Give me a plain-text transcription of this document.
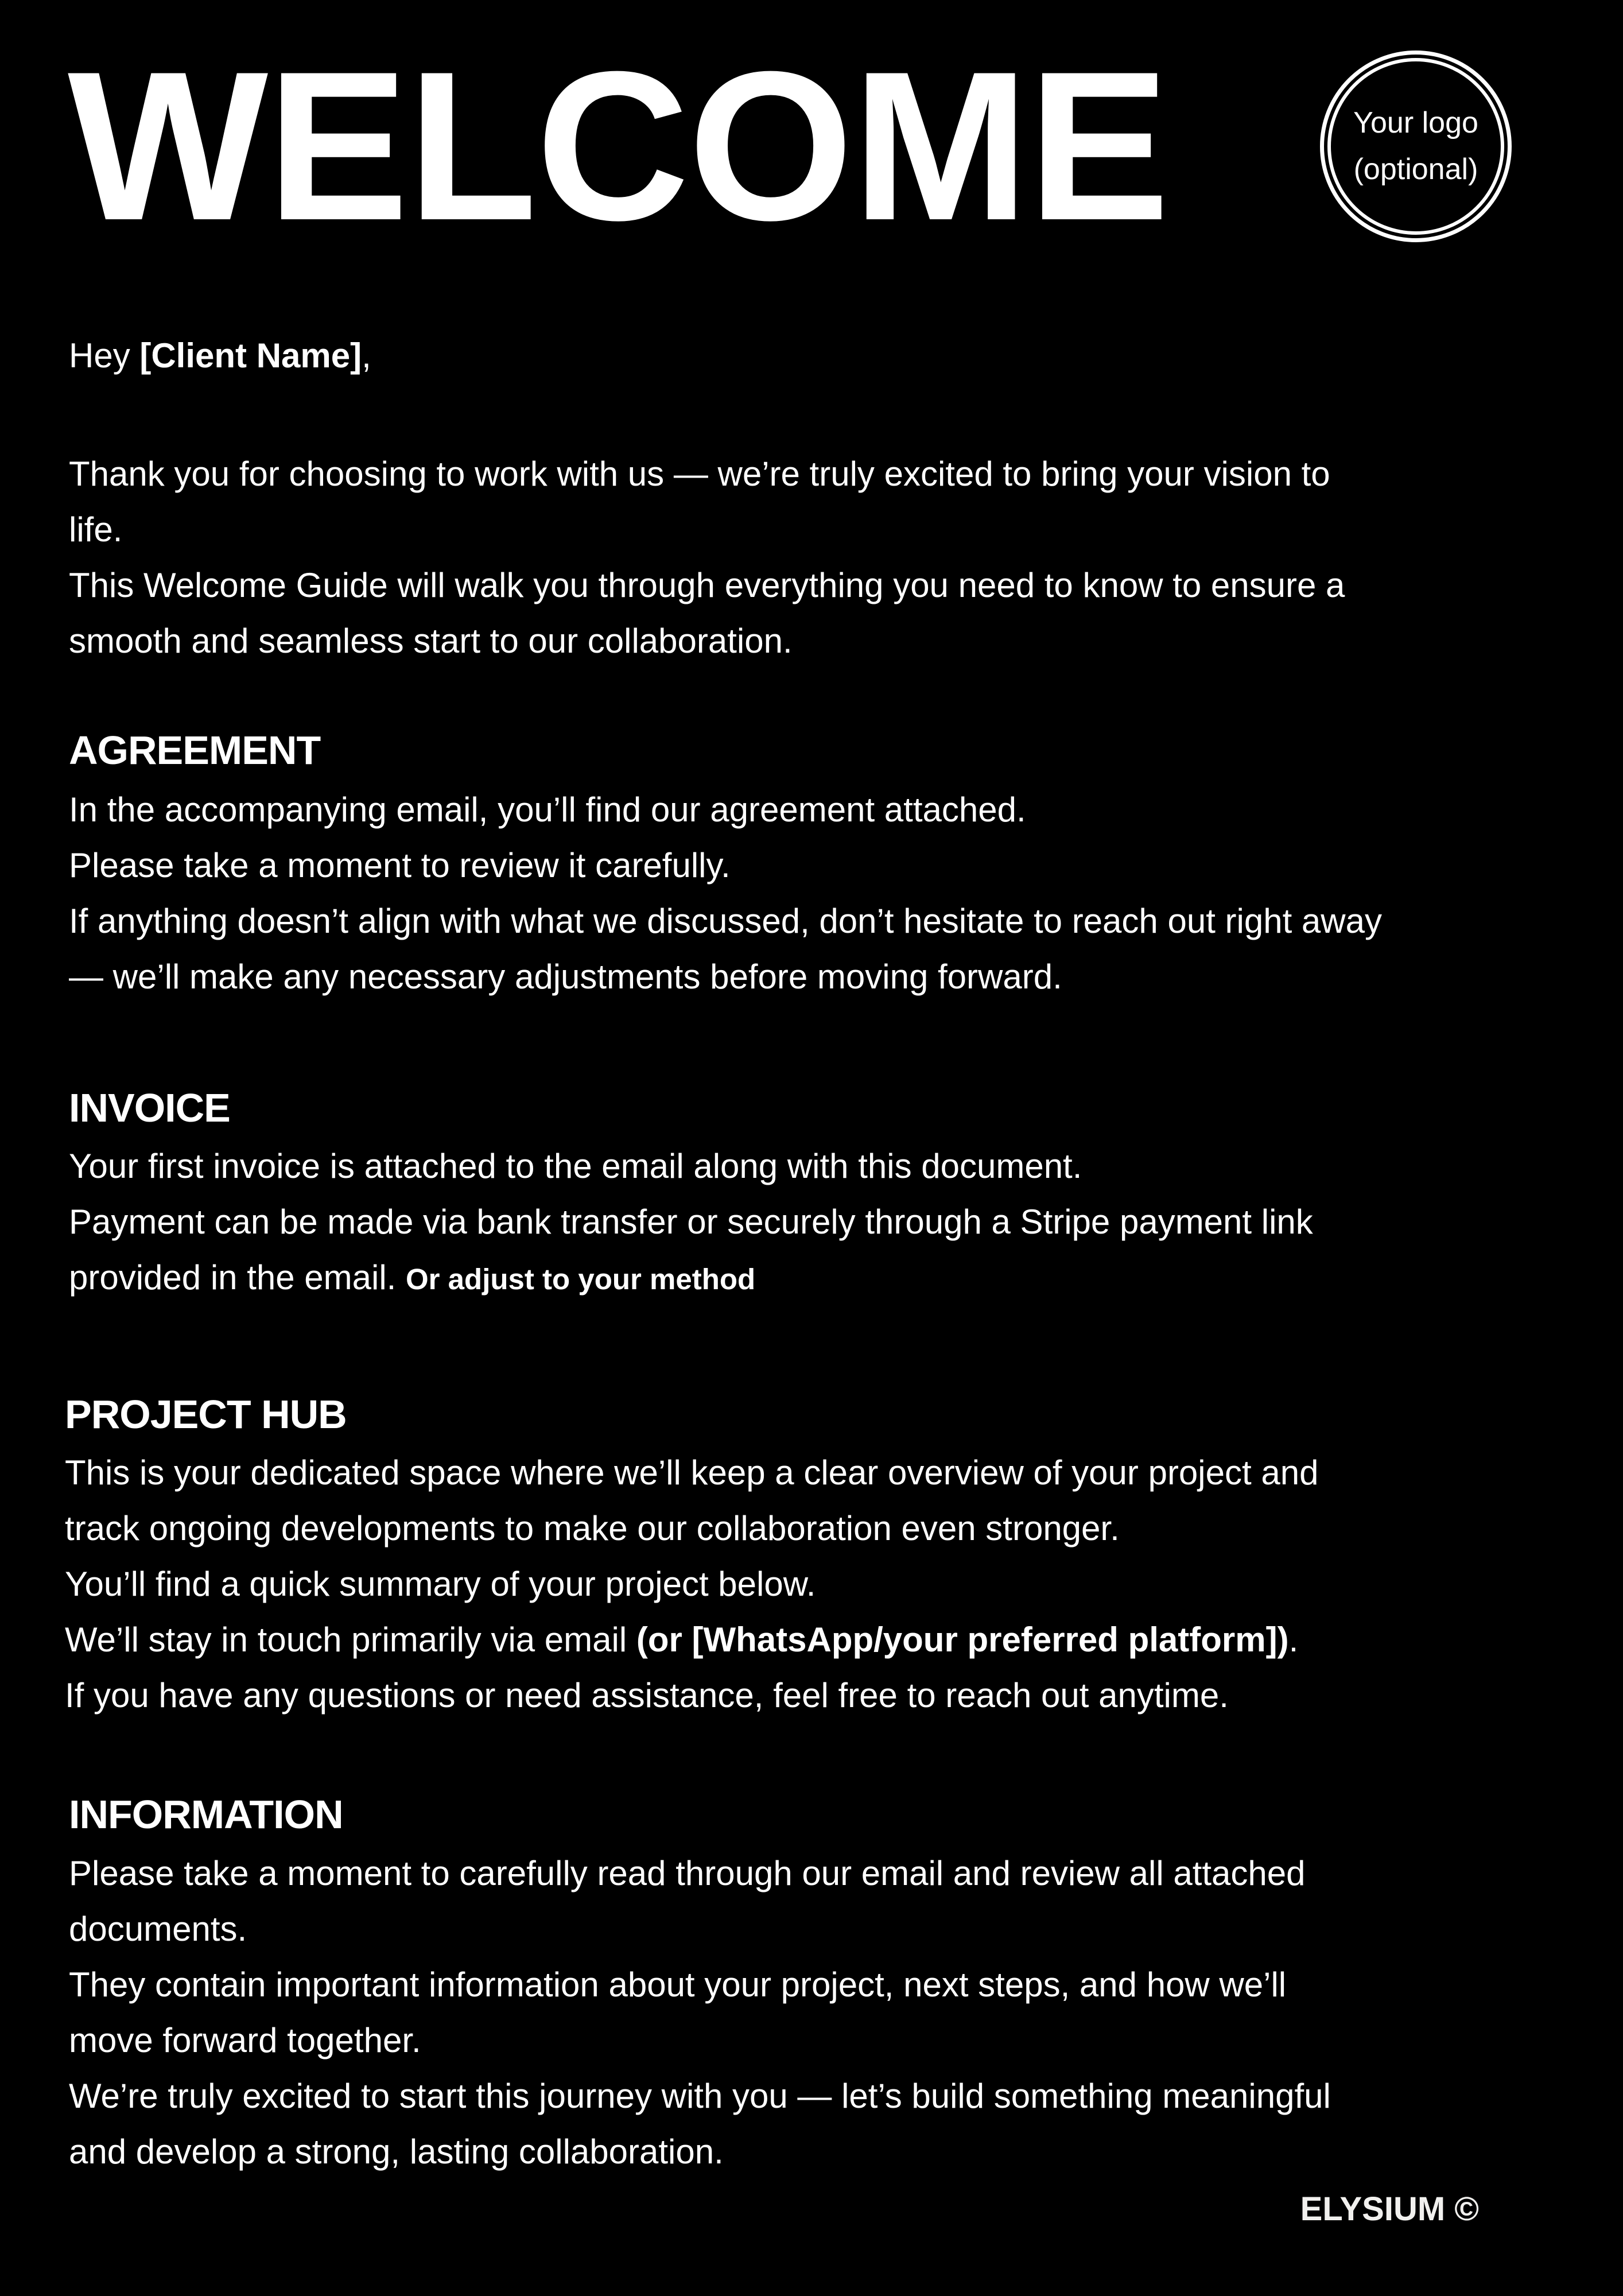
WELCOME	Your logo
(optional)
Hey [Client Name],
Thank you for choosing to work with us — we’re truly excited to bring your vision to
life.
This Welcome Guide will walk you through everything you need to know to ensure a
smooth and seamless start to our collaboration.
AGREEMENT
In the accompanying email, you’ll find our agreement attached.
Please take a moment to review it carefully.
If anything doesn’t align with what we discussed, don’t hesitate to reach out right away
— we’ll make any necessary adjustments before moving forward.
INVOICE
Your first invoice is attached to the email along with this document.
Payment can be made via bank transfer or securely through a Stripe payment link
provided in the email. Or adjust to your method
PROJECT HUB
This is your dedicated space where we’ll keep a clear overview of your project and
track ongoing developments to make our collaboration even stronger.
You’ll find a quick summary of your project below.
We’ll stay in touch primarily via email (or [WhatsApp/your preferred platform]).
If you have any questions or need assistance, feel free to reach out anytime.
INFORMATION
Please take a moment to carefully read through our email and review all attached
documents.
They contain important information about your project, next steps, and how we’ll
move forward together.
We’re truly excited to start this journey with you — let’s build something meaningful
and develop a strong, lasting collaboration.
ELYSIUM ©
